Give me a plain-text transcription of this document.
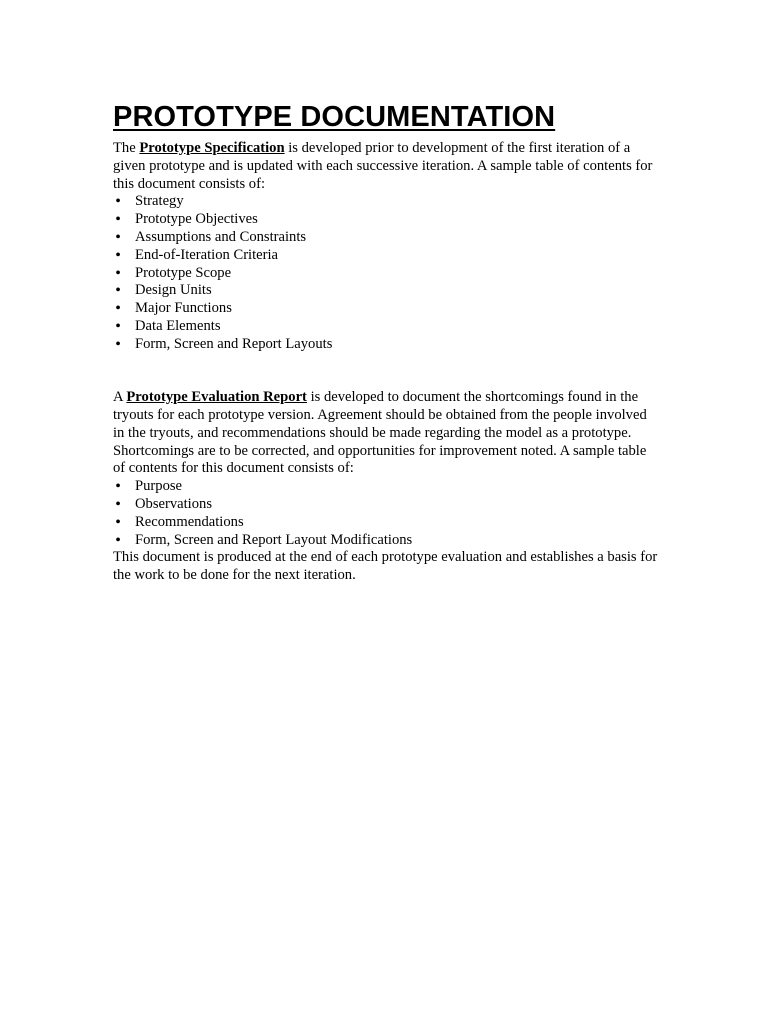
PROTOTYPE DOCUMENTATION

The Prototype Specification is developed prior to development of the first iteration of a given prototype and is updated with each successive iteration. A sample table of contents for this document consists of:

• Strategy
• Prototype Objectives
• Assumptions and Constraints
• End-of-Iteration Criteria
• Prototype Scope
• Design Units
• Major Functions
• Data Elements
• Form, Screen and Report Layouts

A Prototype Evaluation Report is developed to document the shortcomings found in the tryouts for each prototype version. Agreement should be obtained from the people involved in the tryouts, and recommendations should be made regarding the model as a prototype. Shortcomings are to be corrected, and opportunities for improvement noted. A sample table of contents for this document consists of:

• Purpose
• Observations
• Recommendations
• Form, Screen and Report Layout Modifications

This document is produced at the end of each prototype evaluation and establishes a basis for the work to be done for the next iteration.
